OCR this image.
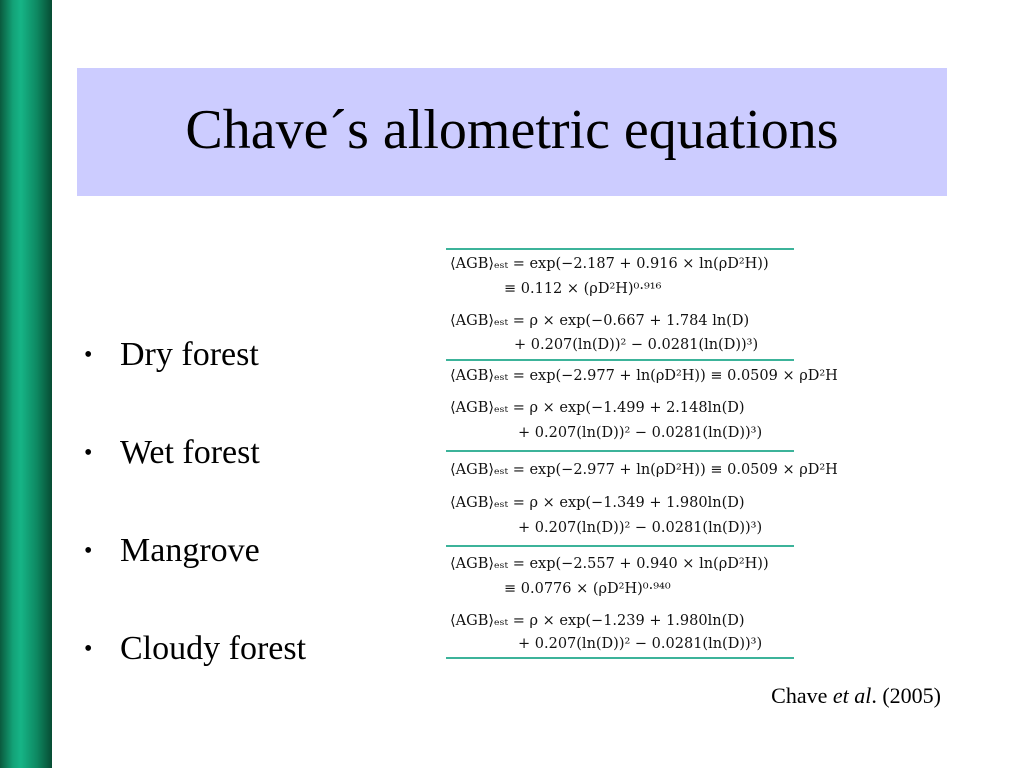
Chave´s allometric equations
• Dry forest
• Wet forest
• Mangrove
• Cloudy forest
⟨AGB⟩ₑₛₜ = exp(−2.187 + 0.916 × ln(ρD²H))
≡ 0.112 × (ρD²H)⁰·⁹¹⁶
⟨AGB⟩ₑₛₜ = ρ × exp(−0.667 + 1.784 ln(D)
+ 0.207(ln(D))² − 0.0281(ln(D))³)
⟨AGB⟩ₑₛₜ = exp(−2.977 + ln(ρD²H)) ≡ 0.0509 × ρD²H
⟨AGB⟩ₑₛₜ = ρ × exp(−1.499 + 2.148ln(D)
+ 0.207(ln(D))² − 0.0281(ln(D))³)
⟨AGB⟩ₑₛₜ = exp(−2.977 + ln(ρD²H)) ≡ 0.0509 × ρD²H
⟨AGB⟩ₑₛₜ = ρ × exp(−1.349 + 1.980ln(D)
+ 0.207(ln(D))² − 0.0281(ln(D))³)
⟨AGB⟩ₑₛₜ = exp(−2.557 + 0.940 × ln(ρD²H))
≡ 0.0776 × (ρD²H)⁰·⁹⁴⁰
⟨AGB⟩ₑₛₜ = ρ × exp(−1.239 + 1.980ln(D)
+ 0.207(ln(D))² − 0.0281(ln(D))³)
Chave et al. (2005)
